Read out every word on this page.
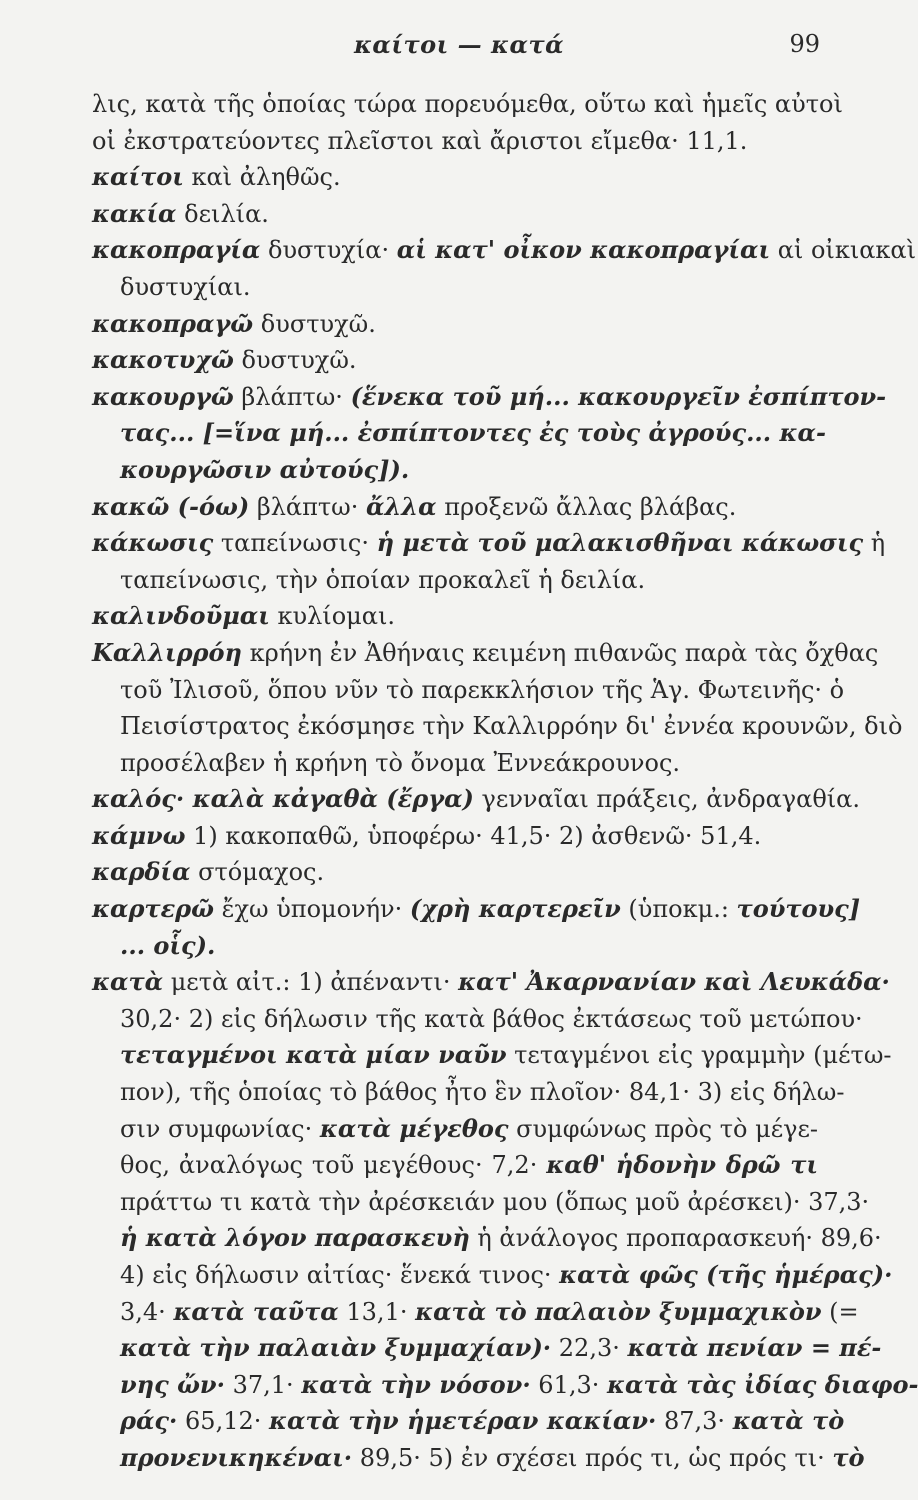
καίτοι — κατά	99
λις, κατὰ τῆς ὁποίας τώρα πορευόμεθα, οὕτω καὶ ἡμεῖς αὐτοὶ
οἱ ἐκστρατεύοντες πλεῖστοι καὶ ἄριστοι εἴμεθα· 11,1.
καίτοι καὶ ἀληθῶς.
κακία δειλία.
κακοπραγία δυστυχία· αἱ κατ' οἶκον κακοπραγίαι αἱ οἰκιακαὶ
δυστυχίαι.
κακοπραγῶ δυστυχῶ.
κακοτυχῶ δυστυχῶ.
κακουργῶ βλάπτω· (ἕνεκα τοῦ μή... κακουργεῖν ἐσπίπτον-
τας... [=ἵνα μή... ἐσπίπτοντες ἐς τοὺς ἀγρούς... κα-
κουργῶσιν αὐτούς]).
κακῶ (-όω) βλάπτω· ἄλλα προξενῶ ἄλλας βλάβας.
κάκωσις ταπείνωσις· ἡ μετὰ τοῦ μαλακισθῆναι κάκωσις ἡ
ταπείνωσις, τὴν ὁποίαν προκαλεῖ ἡ δειλία.
καλινδοῦμαι κυλίομαι.
Καλλιρρόη κρήνη ἐν Ἀθήναις κειμένη πιθανῶς παρὰ τὰς ὄχθας
τοῦ Ἰλισοῦ, ὅπου νῦν τὸ παρεκκλήσιον τῆς Ἁγ. Φωτεινῆς· ὁ
Πεισίστρατος ἐκόσμησε τὴν Καλλιρρόην δι' ἐννέα κρουνῶν, διὸ
προσέλαβεν ἡ κρήνη τὸ ὄνομα Ἐννεάκρουνος.
καλός· καλὰ κἀγαθὰ (ἔργα) γενναῖαι πράξεις, ἀνδραγαθία.
κάμνω 1) κακοπαθῶ, ὑποφέρω· 41,5· 2) ἀσθενῶ· 51,4.
καρδία στόμαχος.
καρτερῶ ἔχω ὑπομονήν· (χρὴ καρτερεῖν (ὑποκμ.: τούτους]
... οἷς).
κατὰ μετὰ αἰτ.: 1) ἀπέναντι· κατ' Ἀκαρνανίαν καὶ Λευκάδα·
30,2· 2) εἰς δήλωσιν τῆς κατὰ βάθος ἐκτάσεως τοῦ μετώπου·
τεταγμένοι κατὰ μίαν ναῦν τεταγμένοι εἰς γραμμὴν (μέτω-
πον), τῆς ὁποίας τὸ βάθος ἦτο ἓν πλοῖον· 84,1· 3) εἰς δήλω-
σιν συμφωνίας· κατὰ μέγεθος συμφώνως πρὸς τὸ μέγε-
θος, ἀναλόγως τοῦ μεγέθους· 7,2· καθ' ἡδονὴν δρῶ τι
πράττω τι κατὰ τὴν ἀρέσκειάν μου (ὅπως μοῦ ἀρέσκει)· 37,3·
ἡ κατὰ λόγον παρασκευὴ ἡ ἀνάλογος προπαρασκευή· 89,6·
4) εἰς δήλωσιν αἰτίας· ἕνεκά τινος· κατὰ φῶς (τῆς ἡμέρας)·
3,4· κατὰ ταῦτα 13,1· κατὰ τὸ παλαιὸν ξυμμαχικὸν (=
κατὰ τὴν παλαιὰν ξυμμαχίαν)· 22,3· κατὰ πενίαν = πέ-
νης ὤν· 37,1· κατὰ τὴν νόσον· 61,3· κατὰ τὰς ἰδίας διαφο-
ράς· 65,12· κατὰ τὴν ἡμετέραν κακίαν· 87,3· κατὰ τὸ
προνενικηκέναι· 89,5· 5) ἐν σχέσει πρός τι, ὡς πρός τι· τὸ
